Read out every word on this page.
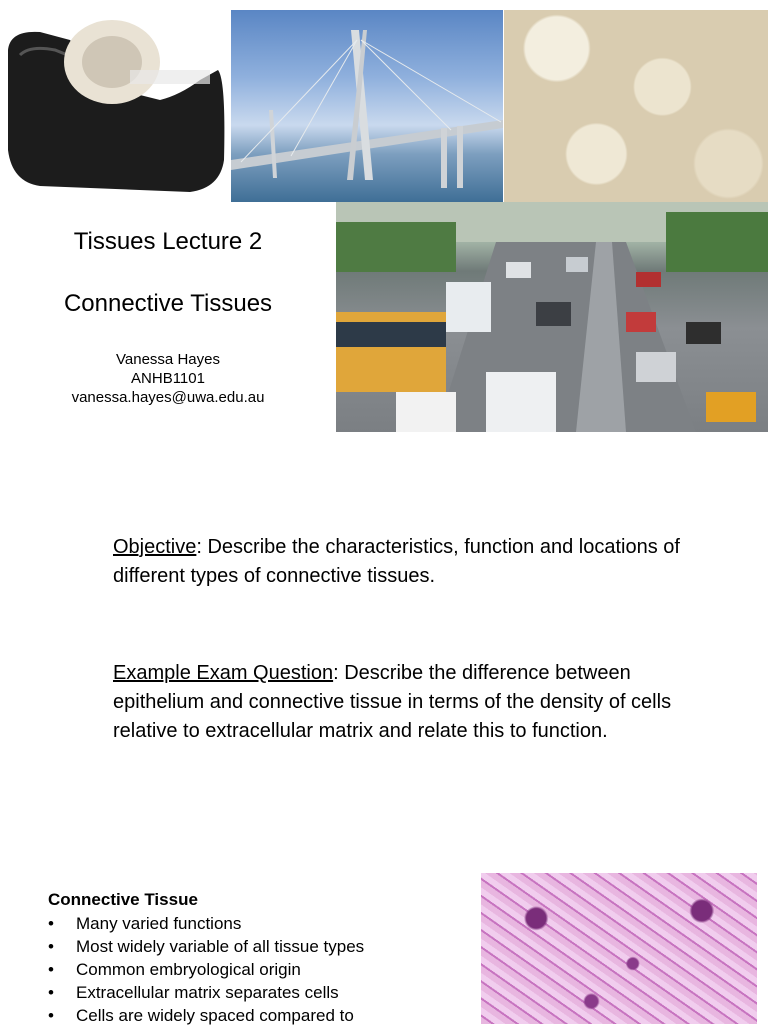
Tissues Lecture 2
Connective Tissues
Vanessa Hayes
ANHB1101
vanessa.hayes@uwa.edu.au
Objective: Describe the characteristics, function and locations of different types of connective tissues.
Example Exam Question: Describe the difference between epithelium and connective tissue in terms of the density of cells relative to extracellular matrix and relate this to function.
Connective Tissue
• Many varied functions
• Most widely variable of all tissue types
• Common embryological origin
• Extracellular matrix separates cells
• Cells are widely spaced compared to
